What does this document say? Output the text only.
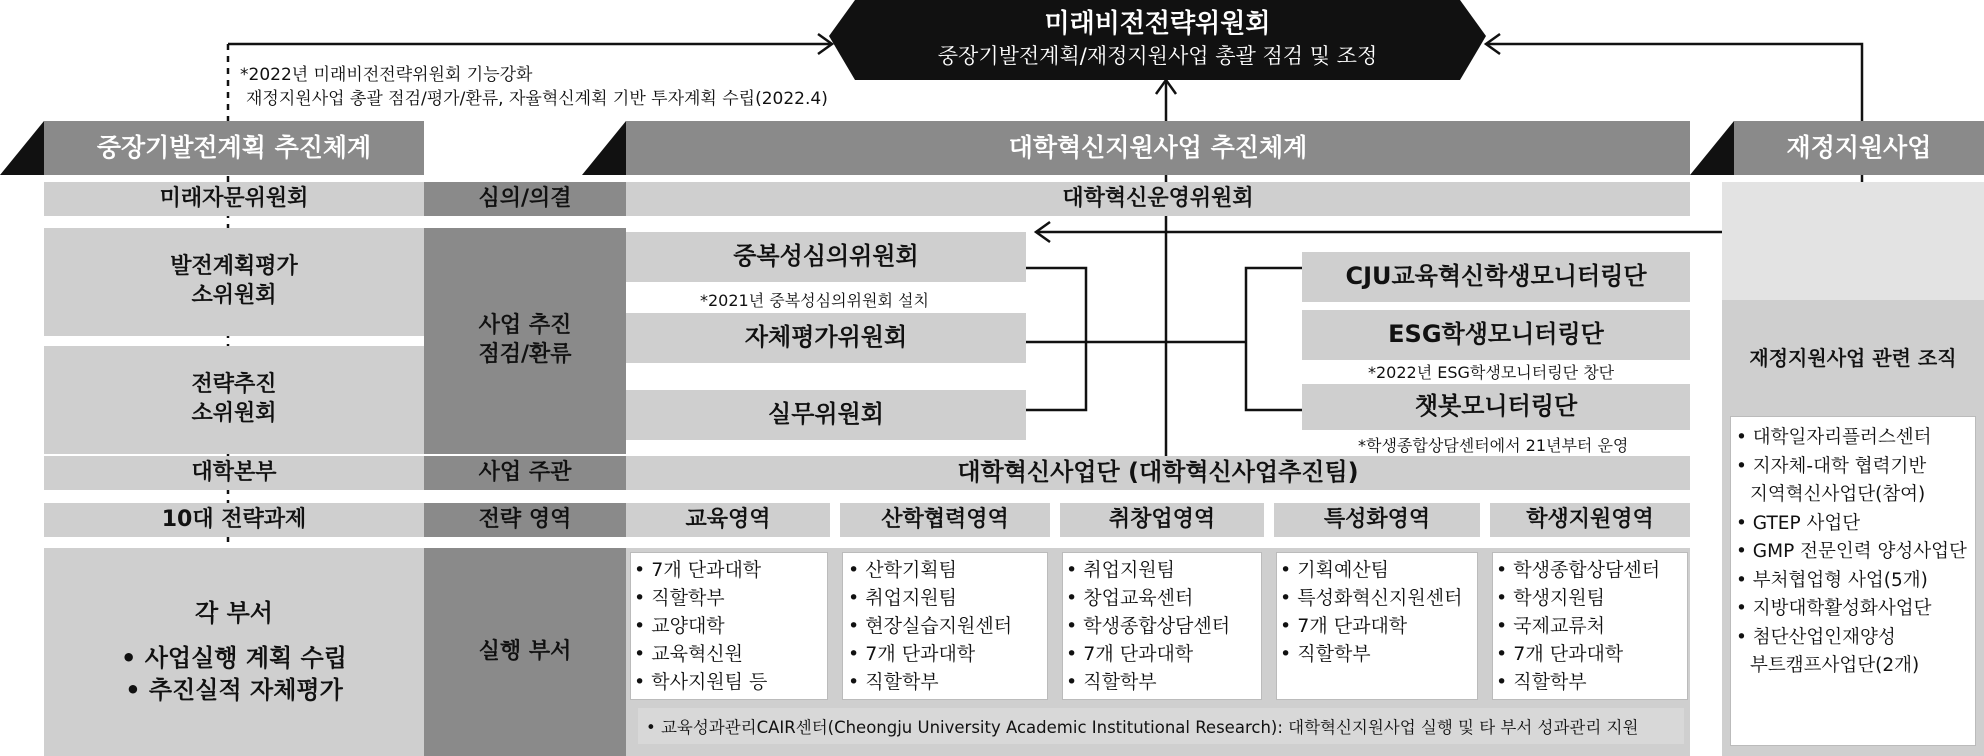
미래비전전략위원회
중장기발전계획/재정지원사업 총괄 점검 및 조정
*2022년 미래비전전략위원회 기능강화
재정지원사업 총괄 점검/평가/환류, 자율혁신계획 기반 투자계획 수립(2022.4)
중장기발전계획 추진체계	대학혁신지원사업 추진체계	재정지원사업
미래자문위원회
발전계획평가
소위원회
전략추진
소위원회
대학본부
10대 전략과제
각 부서
• 사업실행 계획 수립
• 추진실적 자체평가
심의/의결
사업 추진
점검/환류
사업 주관
전략 영역
실행 부서
대학혁신운영위원회
중복성심의위원회
*2021년 중복성심의위원회 설치
자체평가위원회
실무위원회
CJU교육혁신학생모니터링단
ESG학생모니터링단
*2022년 ESG학생모니터링단 창단
챗봇모니터링단
*학생종합상담센터에서 21년부터 운영
대학혁신사업단 (대학혁신사업추진팀)
교육영역	산학협력영역	취창업영역	특성화영역	학생지원영역
• 7개 단과대학
• 직할학부
• 교양대학
• 교육혁신원
• 학사지원팀 등
• 산학기획팀
• 취업지원팀
• 현장실습지원센터
• 7개 단과대학
• 직할학부
• 취업지원팀
• 창업교육센터
• 학생종합상담센터
• 7개 단과대학
• 직할학부
• 기획예산팀
• 특성화혁신지원센터
• 7개 단과대학
• 직할학부
• 학생종합상담센터
• 학생지원팀
• 국제교류처
• 7개 단과대학
• 직할학부
• 교육성과관리CAIR센터(Cheongju University Academic Institutional Research): 대학혁신지원사업 실행 및 타 부서 성과관리 지원
재정지원사업 관련 조직
• 대학일자리플러스센터
• 지자체-대학 협력기반
지역혁신사업단(참여)
• GTEP 사업단
• GMP 전문인력 양성사업단
• 부처협업형 사업(5개)
• 지방대학활성화사업단
• 첨단산업인재양성
부트캠프사업단(2개)
